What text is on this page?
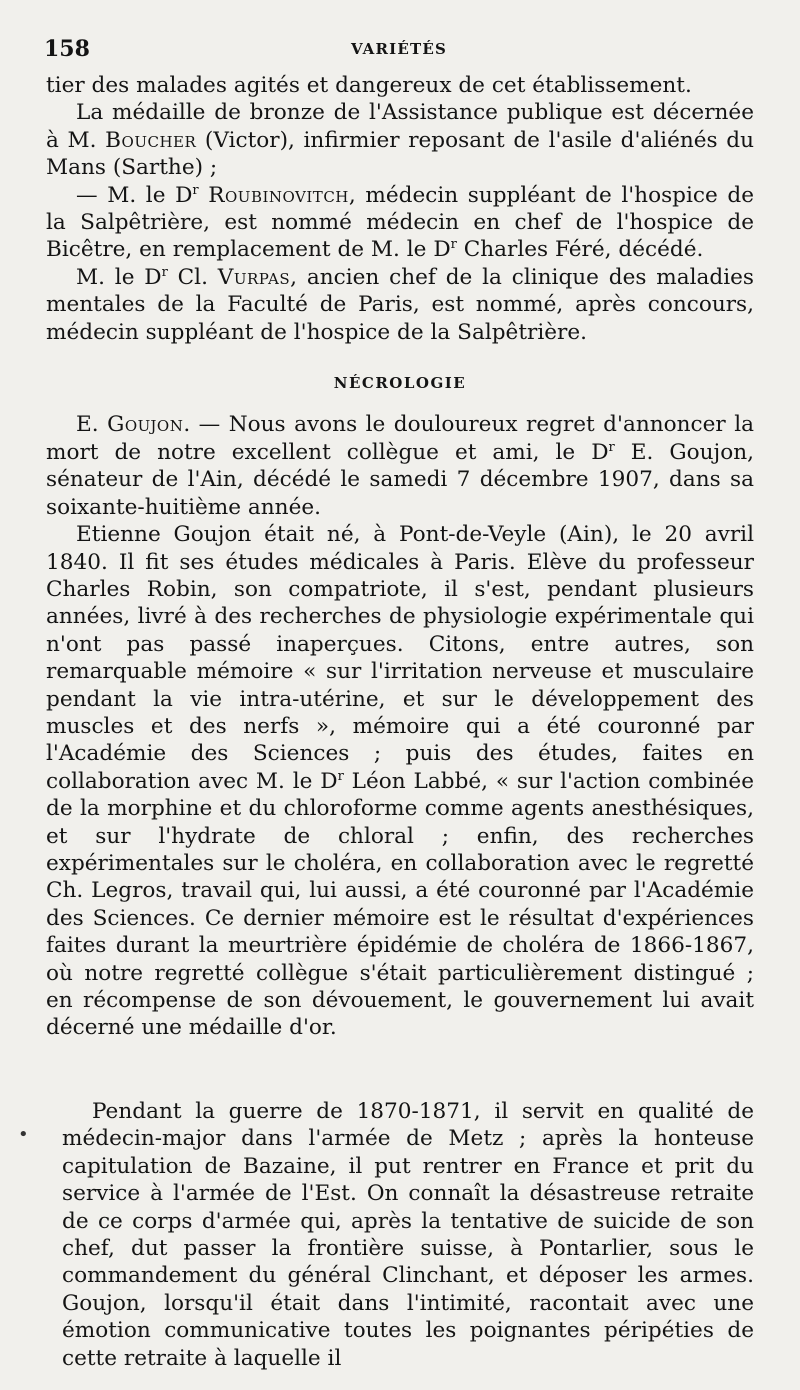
158	VARIÉTÉS

tier des malades agités et dangereux de cet établissement.

La médaille de bronze de l'Assistance publique est décernée à M. Boucher (Victor), infirmier reposant de l'asile d'aliénés du Mans (Sarthe) ;

— M. le $D^r$ Roubinovitch, médecin suppléant de l'hospice de la Salpêtrière, est nommé médecin en chef de l'hospice de Bicêtre, en remplacement de M. le $D^r$ Charles Féré, décédé.

M. le $D^r$ Cl. Vurpas, ancien chef de la clinique des maladies mentales de la Faculté de Paris, est nommé, après concours, médecin suppléant de l'hospice de la Salpêtrière.

NÉCROLOGIE

E. Goujon. — Nous avons le douloureux regret d'annoncer la mort de notre excellent collègue et ami, le $D^r$ E. Goujon, sénateur de l'Ain, décédé le samedi 7 décembre 1907, dans sa soixante-huitième année.

Etienne Goujon était né, à Pont-de-Veyle (Ain), le 20 avril 1840. Il fit ses études médicales à Paris. Elève du professeur Charles Robin, son compatriote, il s'est, pendant plusieurs années, livré à des recherches de physiologie expérimentale qui n'ont pas passé inaperçues. Citons, entre autres, son remarquable mémoire « sur l'irritation nerveuse et musculaire pendant la vie intra-utérine, et sur le développement des muscles et des nerfs », mémoire qui a été couronné par l'Académie des Sciences ; puis des études, faites en collaboration avec M. le $D^r$ Léon Labbé, « sur l'action combinée de la morphine et du chloroforme comme agents anesthésiques, et sur l'hydrate de chloral ; enfin, des recherches expérimentales sur le choléra, en collaboration avec le regretté Ch. Legros, travail qui, lui aussi, a été couronné par l'Académie des Sciences. Ce dernier mémoire est le résultat d'expériences faites durant la meurtrière épidémie de choléra de 1866-1867, où notre regretté collègue s'était particulièrement distingué ; en récompense de son dévouement, le gouvernement lui avait décerné une médaille d'or.

Pendant la guerre de 1870-1871, il servit en qualité de médecin-major dans l'armée de Metz ; après la honteuse capitulation de Bazaine, il put rentrer en France et prit du service à l'armée de l'Est. On connaît la désastreuse retraite de ce corps d'armée qui, après la tentative de suicide de son chef, dut passer la frontière suisse, à Pontarlier, sous le commandement du général Clinchant, et déposer les armes. Goujon, lorsqu'il était dans l'intimité, racontait avec une émotion communicative toutes les poignantes péripéties de cette retraite à laquelle il

•
